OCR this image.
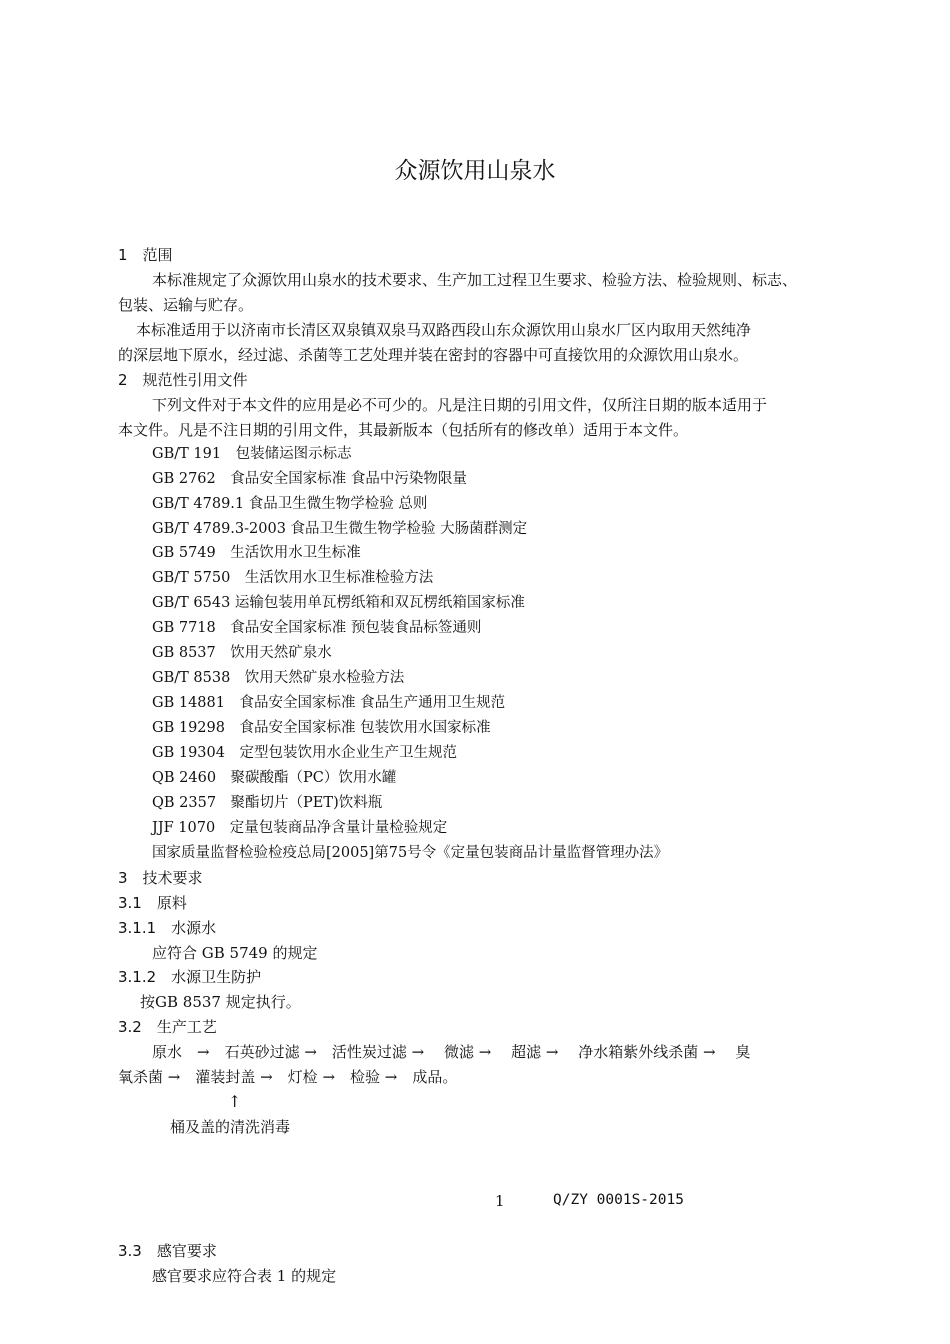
众源饮用山泉水
1　范围
本标准规定了众源饮用山泉水的技术要求、生产加工过程卫生要求、检验方法、检验规则、标志、
包装、运输与贮存。
本标准适用于以济南市长清区双泉镇双泉马双路西段山东众源饮用山泉水厂区内取用天然纯净
的深层地下原水，经过滤、杀菌等工艺处理并装在密封的容器中可直接饮用的众源饮用山泉水。
2　规范性引用文件
下列文件对于本文件的应用是必不可少的。凡是注日期的引用文件，仅所注日期的版本适用于
本文件。凡是不注日期的引用文件，其最新版本（包括所有的修改单）适用于本文件。
GB/T 191　包装储运图示标志
GB 2762　食品安全国家标准 食品中污染物限量
GB/T 4789.1 食品卫生微生物学检验 总则
GB/T 4789.3-2003 食品卫生微生物学检验 大肠菌群测定
GB 5749　生活饮用水卫生标准
GB/T 5750　生活饮用水卫生标准检验方法
GB/T 6543 运输包装用单瓦楞纸箱和双瓦楞纸箱国家标准
GB 7718　食品安全国家标准 预包装食品标签通则
GB 8537　饮用天然矿泉水
GB/T 8538　饮用天然矿泉水检验方法
GB 14881　食品安全国家标准 食品生产通用卫生规范
GB 19298　食品安全国家标准 包装饮用水国家标准
GB 19304　定型包装饮用水企业生产卫生规范
QB 2460　聚碳酸酯（PC）饮用水罐
QB 2357　聚酯切片（PET)饮料瓶
JJF 1070　定量包装商品净含量计量检验规定
国家质量监督检验检疫总局[2005]第75号令《定量包装商品计量监督管理办法》
3　技术要求
3.1　原料
3.1.1　水源水
应符合 GB 5749 的规定
3.1.2　水源卫生防护
按GB 8537 规定执行。
3.2　生产工艺
原水　→　石英砂过滤 →　活性炭过滤 →　 微滤 →　 超滤 →　 净水箱紫外线杀菌 →　 臭
氧杀菌 →　灌装封盖 →　灯检 →　检验 →　成品。
↑
桶及盖的清洗消毒
1	Q/ZY 0001S-2015
3.3　感官要求
感官要求应符合表 1 的规定
